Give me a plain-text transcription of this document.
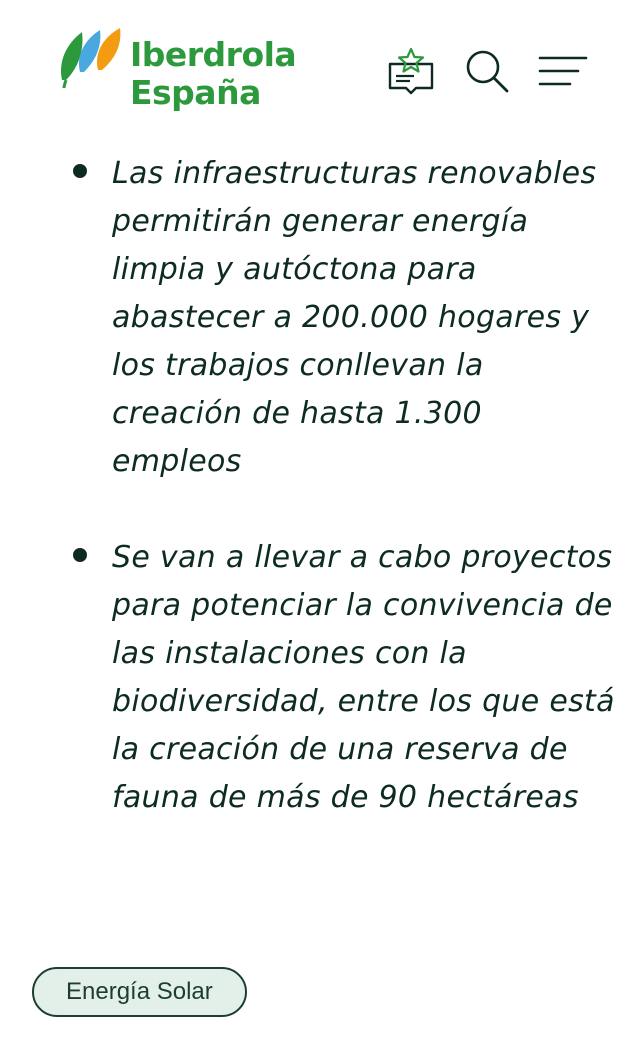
Iberdrola
España
Las infraestructuras renovables permitirán generar energía limpia y autóctona para abastecer a 200.000 hogares y los trabajos conllevan la creación de hasta 1.300 empleos
Se van a llevar a cabo proyectos para potenciar la convivencia de las instalaciones con la biodiversidad, entre los que está la creación de una reserva de fauna de más de 90 hectáreas
Energía Solar
